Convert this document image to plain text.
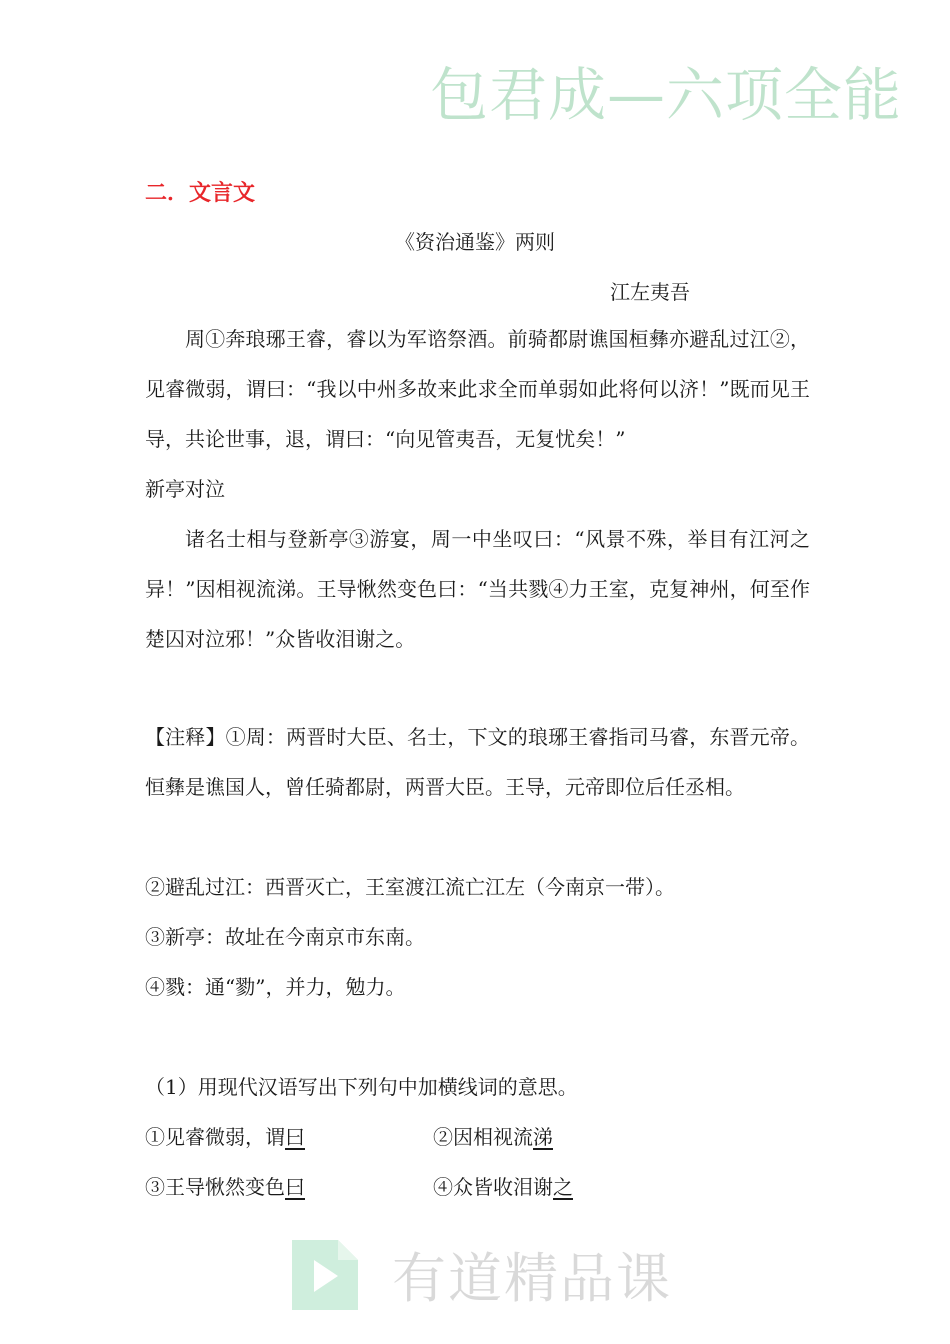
包君成—六项全能
二．文言文
《资治通鉴》两则
江左夷吾

周①奔琅琊王睿，睿以为军谘祭酒。前骑都尉谯国桓彝亦避乱过江②，见睿微弱，谓曰：“我以中州多故来此求全而单弱如此将何以济！”既而见王导，共论世事，退，谓曰：“向见管夷吾，无复忧矣！”

新亭对泣

诸名士相与登新亭③游宴，周一中坐叹曰：“风景不殊，举目有江河之异！”因相视流涕。王导愀然变色曰：“当共戮④力王室，克复神州，何至作楚囚对泣邪！”众皆收泪谢之。

【注释】①周：两晋时大臣、名士，下文的琅琊王睿指司马睿，东晋元帝。恒彝是谯国人，曾任骑都尉，两晋大臣。王导，元帝即位后任丞相。

②避乱过江：西晋灭亡，王室渡江流亡江左（今南京一带）。
③新亭：故址在今南京市东南。
④戮：通“勠”，并力，勉力。
（1）用现代汉语写出下列句中加横线词的意思。
①见睿微弱，谓曰	②因相视流涕
③王导愀然变色曰	④众皆收泪谢之
有道精品课
